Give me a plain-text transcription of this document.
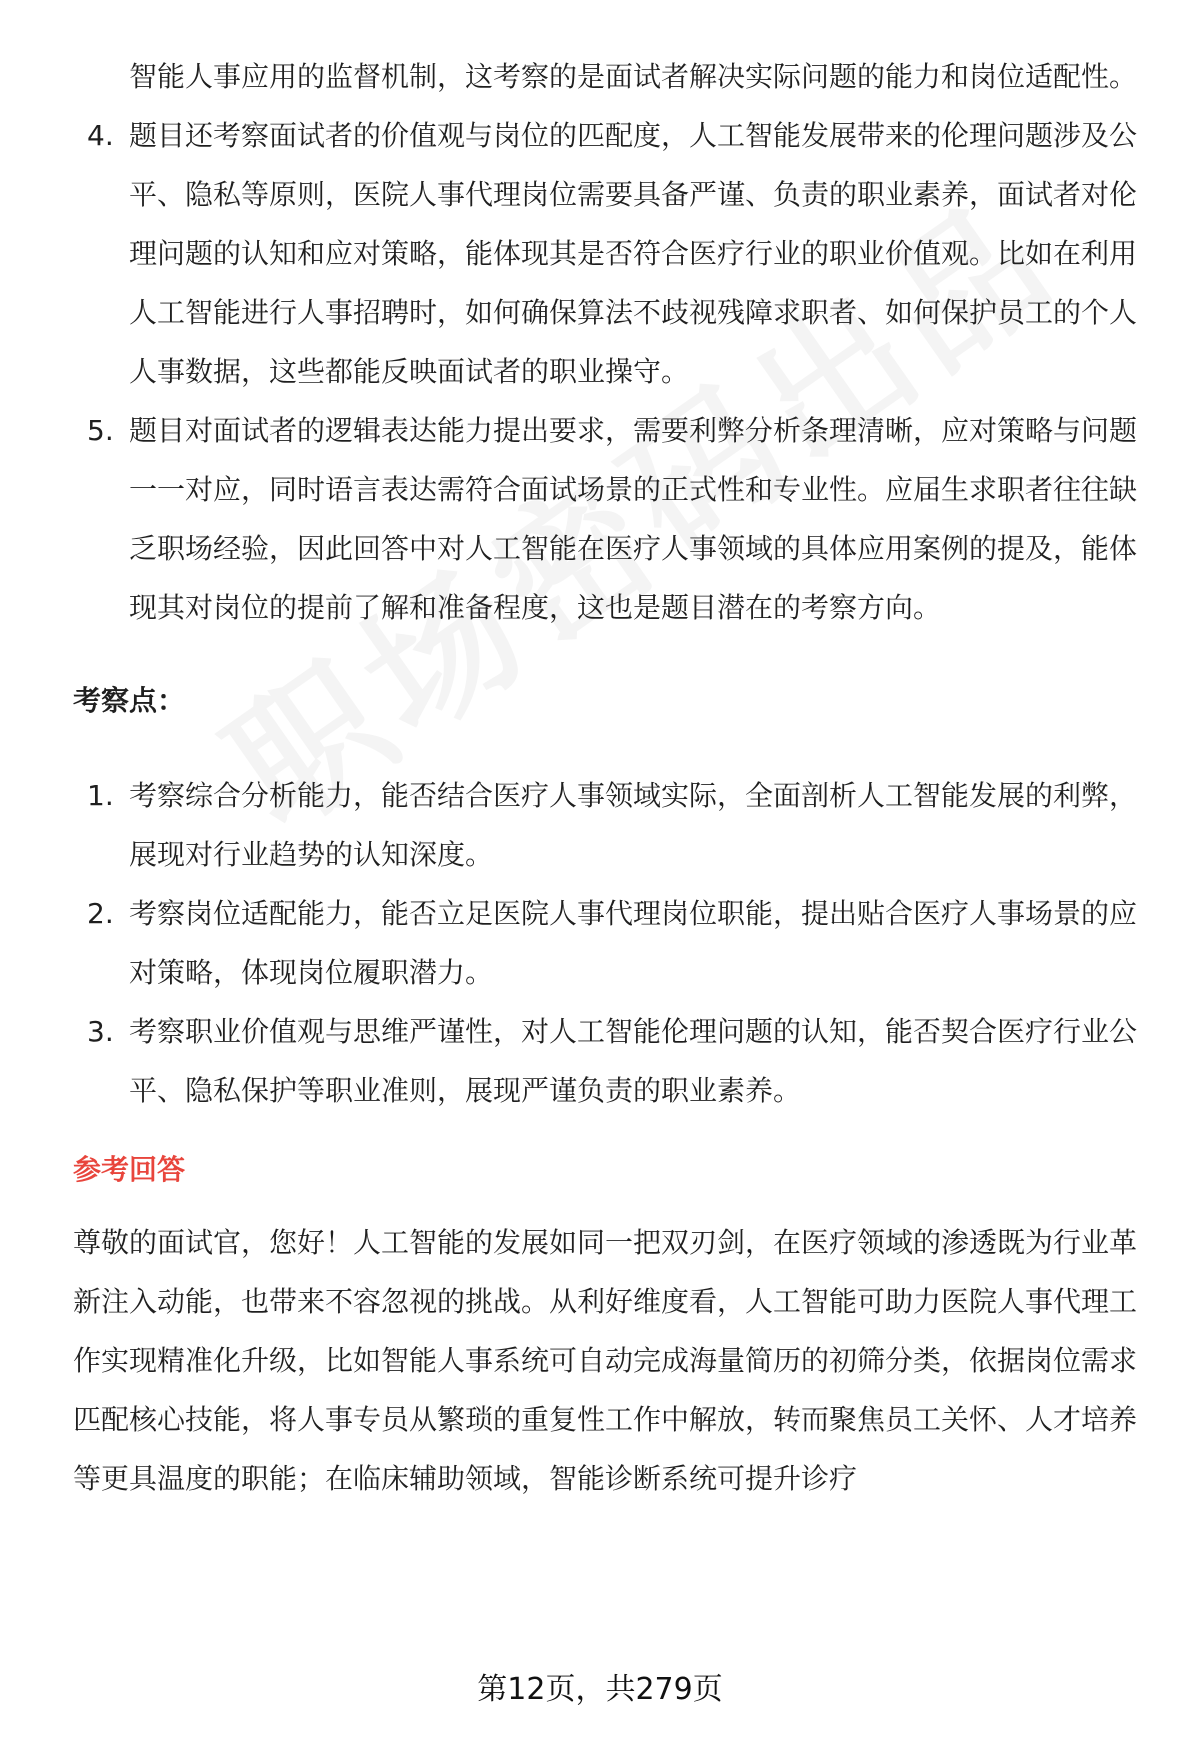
智能人事应用的监督机制，这考察的是面试者解决实际问题的能力和岗位适配性。

4. 题目还考察面试者的价值观与岗位的匹配度，人工智能发展带来的伦理问题涉及公平、隐私等原则，医院人事代理岗位需要具备严谨、负责的职业素养，面试者对伦理问题的认知和应对策略，能体现其是否符合医疗行业的职业价值观。比如在利用人工智能进行人事招聘时，如何确保算法不歧视残障求职者、如何保护员工的个人人事数据，这些都能反映面试者的职业操守。
5. 题目对面试者的逻辑表达能力提出要求，需要利弊分析条理清晰，应对策略与问题一一对应，同时语言表达需符合面试场景的正式性和专业性。应届生求职者往往缺乏职场经验，因此回答中对人工智能在医疗人事领域的具体应用案例的提及，能体现其对岗位的提前了解和准备程度，这也是题目潜在的考察方向。

考察点：

1. 考察综合分析能力，能否结合医疗人事领域实际，全面剖析人工智能发展的利弊，展现对行业趋势的认知深度。
2. 考察岗位适配能力，能否立足医院人事代理岗位职能，提出贴合医疗人事场景的应对策略，体现岗位履职潜力。
3. 考察职业价值观与思维严谨性，对人工智能伦理问题的认知，能否契合医疗行业公平、隐私保护等职业准则，展现严谨负责的职业素养。

参考回答

尊敬的面试官，您好！人工智能的发展如同一把双刃剑，在医疗领域的渗透既为行业革新注入动能，也带来不容忽视的挑战。从利好维度看，人工智能可助力医院人事代理工作实现精准化升级，比如智能人事系统可自动完成海量简历的初筛分类，依据岗位需求匹配核心技能，将人事专员从繁琐的重复性工作中解放，转而聚焦员工关怀、人才培养等更具温度的职能；在临床辅助领域，智能诊断系统可提升诊疗

第12页，共279页
